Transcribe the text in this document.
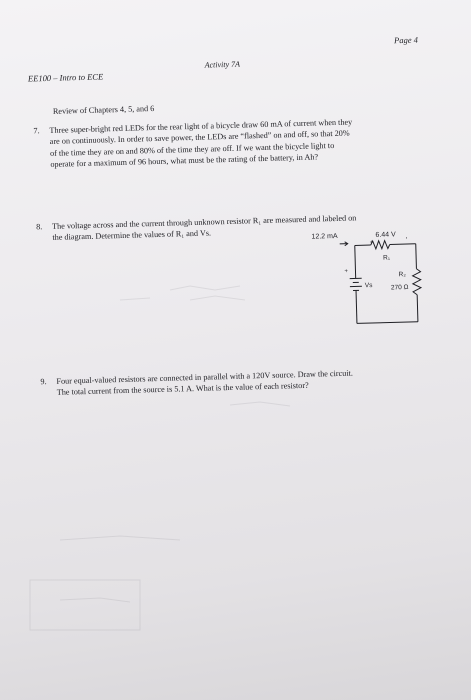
Page 4
EE100 – Intro to ECE
Activity 7A
Review of Chapters 4, 5, and 6
7. Three super-bright red LEDs for the rear light of a bicycle draw 60 mA of current when they
are on continuously. In order to save power, the LEDs are “flashed” on and off, so that 20%
of the time they are on and 80% of the time they are off. If we want the bicycle light to
operate for a maximum of 96 hours, what must be the rating of the battery, in Ah?
8. The voltage across and the current through unknown resistor R₁ are measured and labeled on
the diagram. Determine the values of R₁ and Vs.	12.2 mA
+
6.44 V ,
R₁
R₂
270 Ω
+
Vs
9. Four equal-valued resistors are connected in parallel with a 120V source. Draw the circuit.
The total current from the source is 5.1 A. What is the value of each resistor?
